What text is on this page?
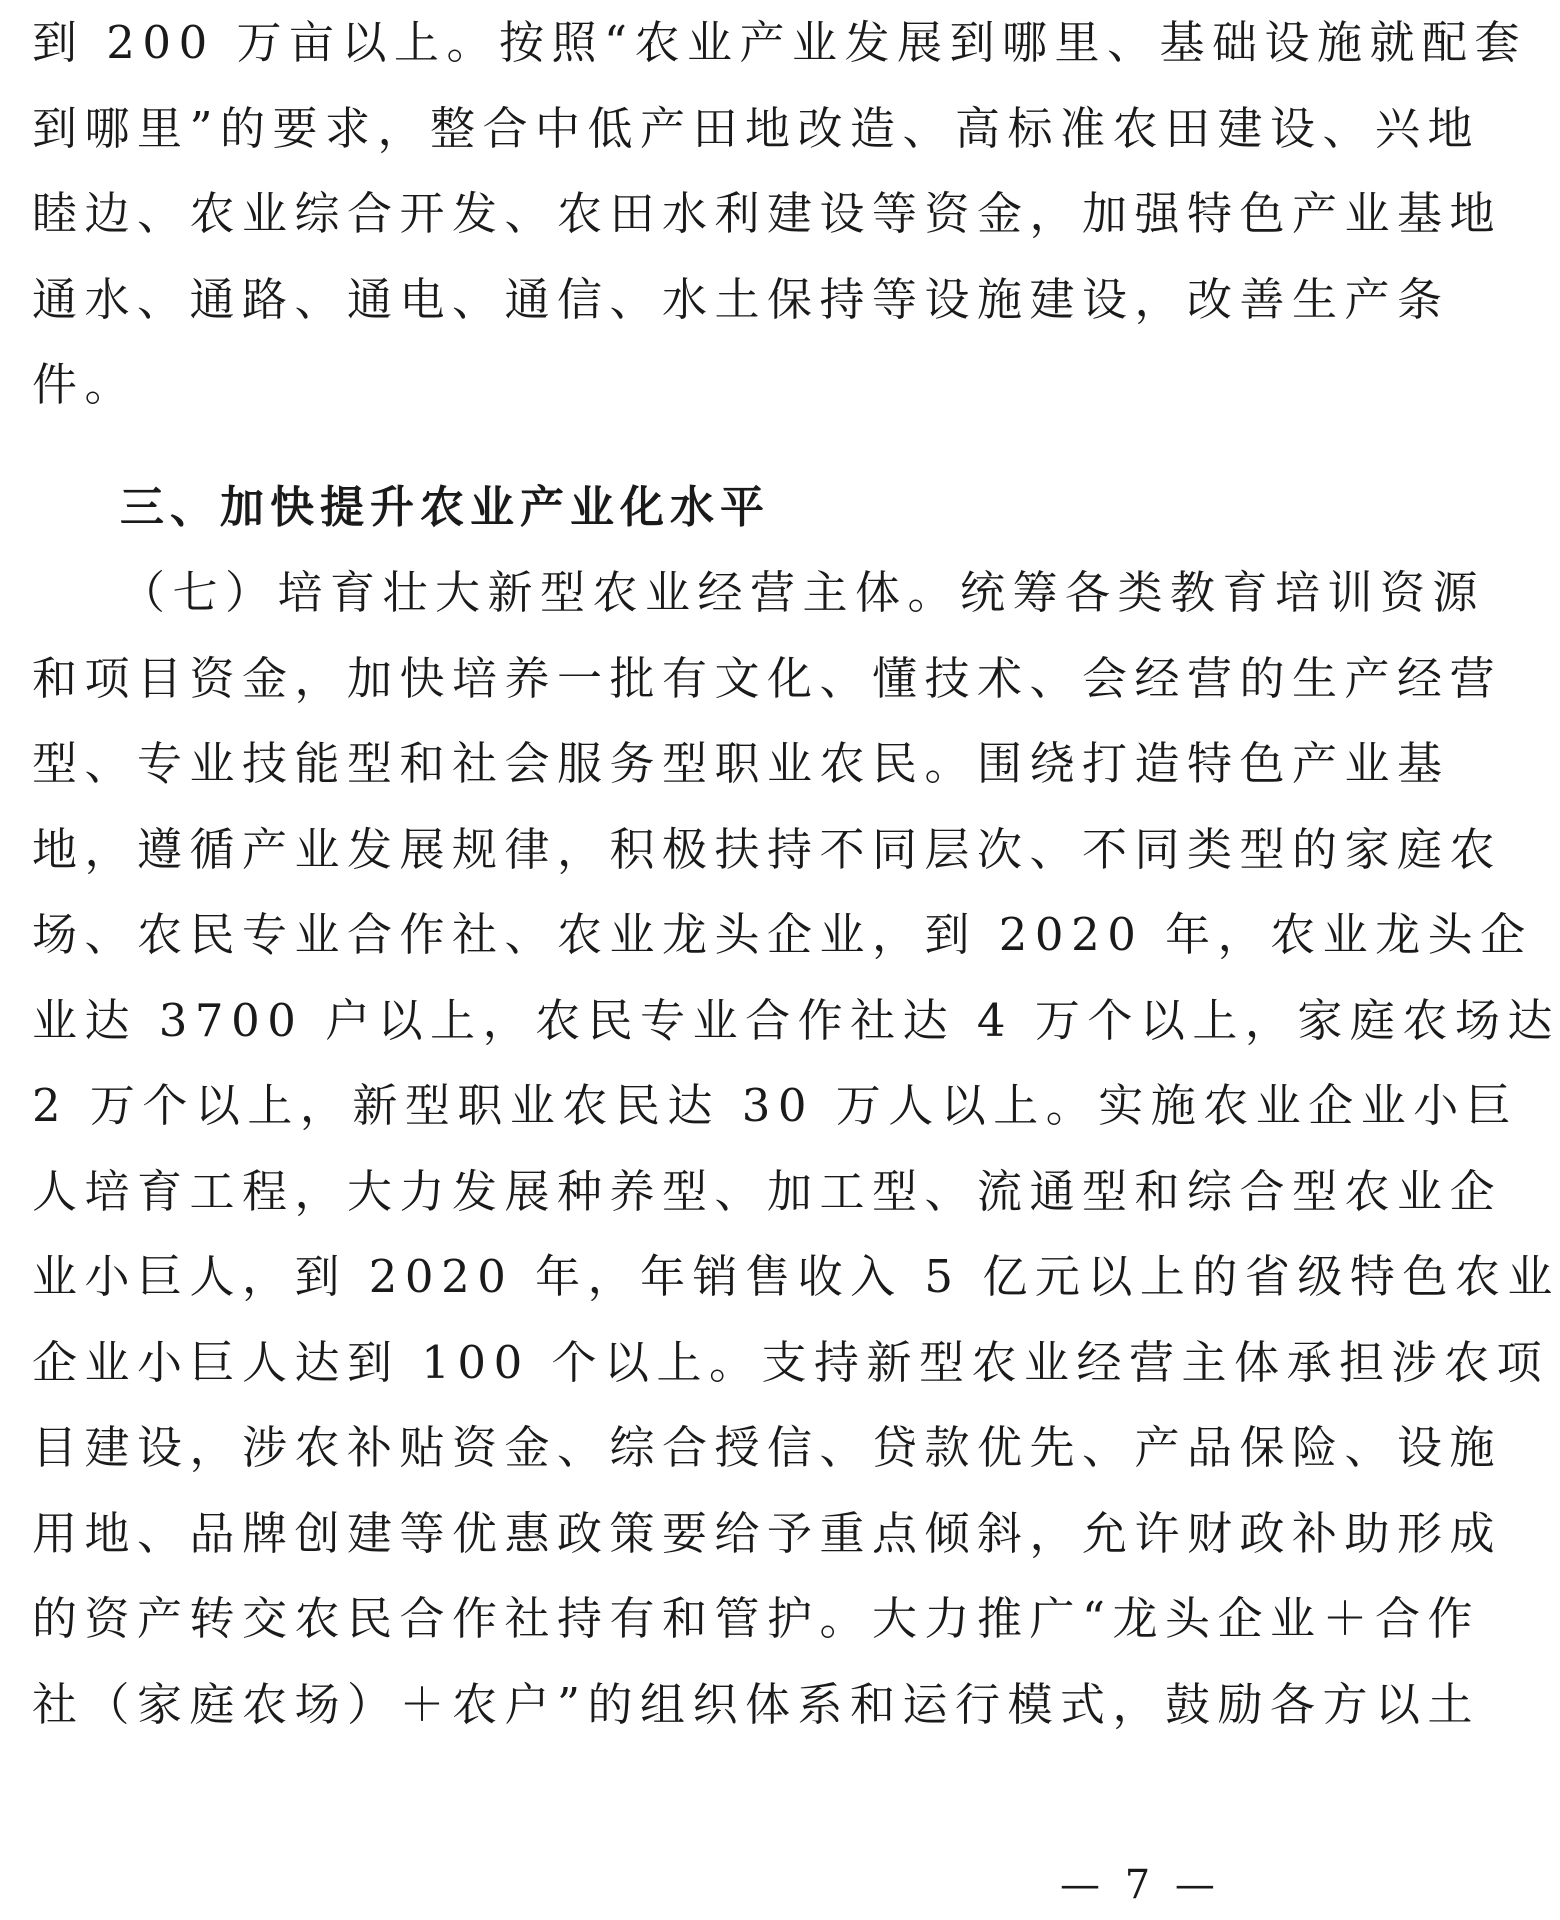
到 200 万亩以上。按照“农业产业发展到哪里、基础设施就配套
到哪里”的要求，整合中低产田地改造、高标准农田建设、兴地
睦边、农业综合开发、农田水利建设等资金，加强特色产业基地
通水、通路、通电、通信、水土保持等设施建设，改善生产条
件。
三、加快提升农业产业化水平
（七）培育壮大新型农业经营主体。统筹各类教育培训资源
和项目资金，加快培养一批有文化、懂技术、会经营的生产经营
型、专业技能型和社会服务型职业农民。围绕打造特色产业基
地，遵循产业发展规律，积极扶持不同层次、不同类型的家庭农
场、农民专业合作社、农业龙头企业，到 2020 年，农业龙头企
业达 3700 户以上，农民专业合作社达 4 万个以上，家庭农场达
2 万个以上，新型职业农民达 30 万人以上。实施农业企业小巨
人培育工程，大力发展种养型、加工型、流通型和综合型农业企
业小巨人，到 2020 年，年销售收入 5 亿元以上的省级特色农业
企业小巨人达到 100 个以上。支持新型农业经营主体承担涉农项
目建设，涉农补贴资金、综合授信、贷款优先、产品保险、设施
用地、品牌创建等优惠政策要给予重点倾斜，允许财政补助形成
的资产转交农民合作社持有和管护。大力推广“龙头企业＋合作
社（家庭农场）＋农户”的组织体系和运行模式，鼓励各方以土
— 7 —
